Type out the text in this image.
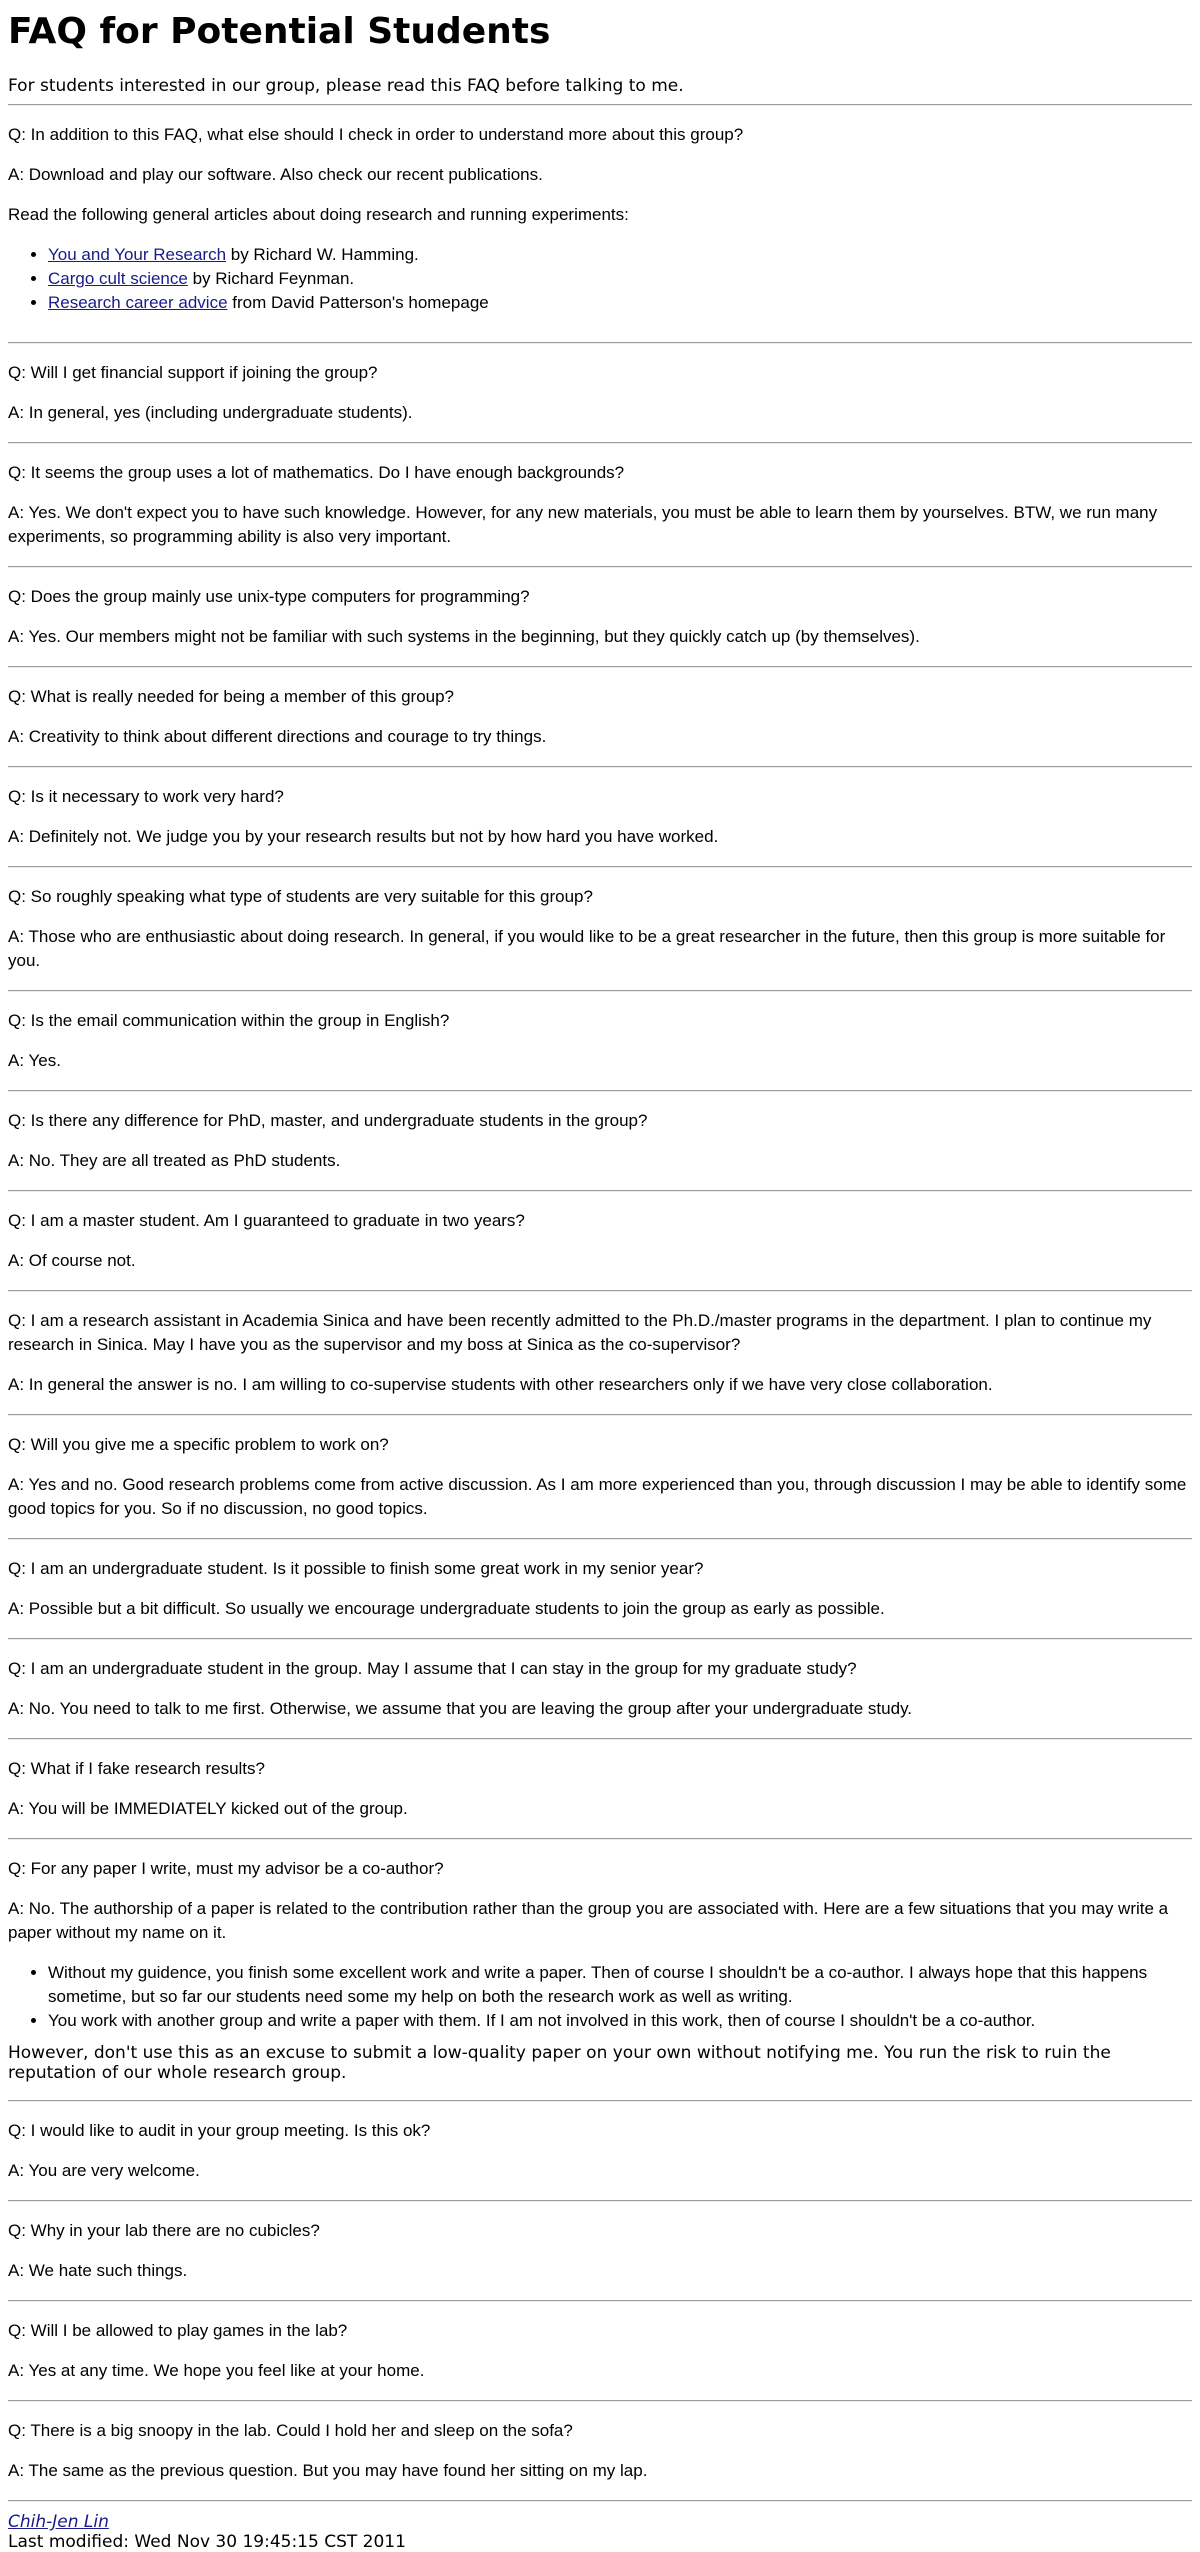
FAQ for Potential Students
For students interested in our group, please read this FAQ before talking to me.

Q: In addition to this FAQ, what else should I check in order to understand more about this group?

A: Download and play our software. Also check our recent publications.

Read the following general articles about doing research and running experiments:

• You and Your Research by Richard W. Hamming.
• Cargo cult science by Richard Feynman.
• Research career advice from David Patterson's homepage

Q: Will I get financial support if joining the group?

A: In general, yes (including undergraduate students).

Q: It seems the group uses a lot of mathematics. Do I have enough backgrounds?

A: Yes. We don't expect you to have such knowledge. However, for any new materials, you must be able to learn them by yourselves. BTW, we run many experiments, so programming ability is also very important.

Q: Does the group mainly use unix-type computers for programming?

A: Yes. Our members might not be familiar with such systems in the beginning, but they quickly catch up (by themselves).

Q: What is really needed for being a member of this group?

A: Creativity to think about different directions and courage to try things.

Q: Is it necessary to work very hard?

A: Definitely not. We judge you by your research results but not by how hard you have worked.

Q: So roughly speaking what type of students are very suitable for this group?

A: Those who are enthusiastic about doing research. In general, if you would like to be a great researcher in the future, then this group is more suitable for you.

Q: Is the email communication within the group in English?

A: Yes.

Q: Is there any difference for PhD, master, and undergraduate students in the group?

A: No. They are all treated as PhD students.

Q: I am a master student. Am I guaranteed to graduate in two years?

A: Of course not.

Q: I am a research assistant in Academia Sinica and have been recently admitted to the Ph.D./master programs in the department. I plan to continue my research in Sinica. May I have you as the supervisor and my boss at Sinica as the co-supervisor?

A: In general the answer is no. I am willing to co-supervise students with other researchers only if we have very close collaboration.

Q: Will you give me a specific problem to work on?

A: Yes and no. Good research problems come from active discussion. As I am more experienced than you, through discussion I may be able to identify some good topics for you. So if no discussion, no good topics.

Q: I am an undergraduate student. Is it possible to finish some great work in my senior year?

A: Possible but a bit difficult. So usually we encourage undergraduate students to join the group as early as possible.

Q: I am an undergraduate student in the group. May I assume that I can stay in the group for my graduate study?

A: No. You need to talk to me first. Otherwise, we assume that you are leaving the group after your undergraduate study.

Q: What if I fake research results?

A: You will be IMMEDIATELY kicked out of the group.

Q: For any paper I write, must my advisor be a co-author?

A: No. The authorship of a paper is related to the contribution rather than the group you are associated with. Here are a few situations that you may write a paper without my name on it.

• Without my guidence, you finish some excellent work and write a paper. Then of course I shouldn't be a co-author. I always hope that this happens sometime, but so far our students need some my help on both the research work as well as writing.
• You work with another group and write a paper with them. If I am not involved in this work, then of course I shouldn't be a co-author.

However, don't use this as an excuse to submit a low-quality paper on your own without notifying me. You run the risk to ruin the reputation of our whole research group.

Q: I would like to audit in your group meeting. Is this ok?

A: You are very welcome.

Q: Why in your lab there are no cubicles?

A: We hate such things.

Q: Will I be allowed to play games in the lab?

A: Yes at any time. We hope you feel like at your home.

Q: There is a big snoopy in the lab. Could I hold her and sleep on the sofa?

A: The same as the previous question. But you may have found her sitting on my lap.

Chih-Jen Lin
Last modified: Wed Nov 30 19:45:15 CST 2011
